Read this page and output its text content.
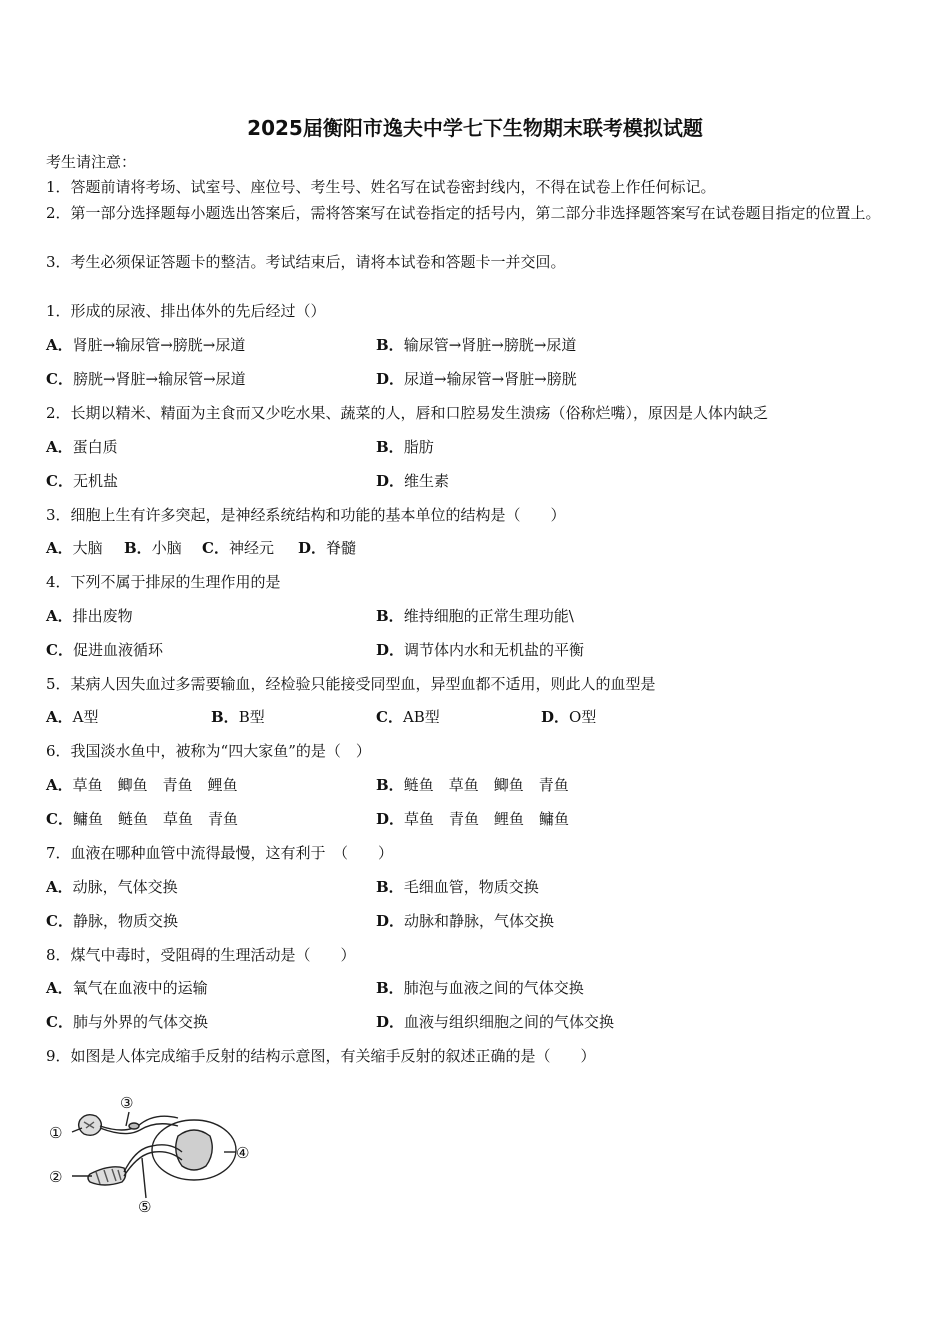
2025届衡阳市逸夫中学七下生物期末联考模拟试题
考生请注意：
1．答题前请将考场、试室号、座位号、考生号、姓名写在试卷密封线内，不得在试卷上作任何标记。
2．第一部分选择题每小题选出答案后，需将答案写在试卷指定的括号内，第二部分非选择题答案写在试卷题目指定的位置上。
3．考生必须保证答题卡的整洁。考试结束后，请将本试卷和答题卡一并交回。
1．形成的尿液、排出体外的先后经过（）
A．肾脏→输尿管→膀胱→尿道	B．输尿管→肾脏→膀胱→尿道
C．膀胱→肾脏→输尿管→尿道	D．尿道→输尿管→肾脏→膀胱
2．长期以精米、精面为主食而又少吃水果、蔬菜的人，唇和口腔易发生溃疡（俗称烂嘴），原因是人体内缺乏
A．蛋白质	B．脂肪
C．无机盐	D．维生素
3．细胞上生有许多突起，是神经系统结构和功能的基本单位的结构是（　　）
A．大脑 B．小脑 C．神经元 D．脊髓
4．下列不属于排尿的生理作用的是
A．排出废物	B．维持细胞的正常生理功能\
C．促进血液循环	D．调节体内水和无机盐的平衡
5．某病人因失血过多需要输血，经检验只能接受同型血，异型血都不适用，则此人的血型是
A．A型	B．B型	C．AB型	D．O型
6．我国淡水鱼中，被称为“四大家鱼”的是（　）
A．草鱼　鲫鱼　青鱼　鲤鱼	B．鲢鱼　草鱼　鲫鱼　青鱼
C．鳙鱼　鲢鱼　草鱼　青鱼	D．草鱼　青鱼　鲤鱼　鳙鱼
7．血液在哪种血管中流得最慢，这有利于　（　　）
A．动脉，气体交换	B．毛细血管，物质交换
C．静脉，物质交换	D．动脉和静脉，气体交换
8．煤气中毒时，受阻碍的生理活动是（　　）
A．氧气在血液中的运输	B．肺泡与血液之间的气体交换
C．肺与外界的气体交换	D．血液与组织细胞之间的气体交换
9．如图是人体完成缩手反射的结构示意图，有关缩手反射的叙述正确的是（　　）
①
②
③
④
⑤
